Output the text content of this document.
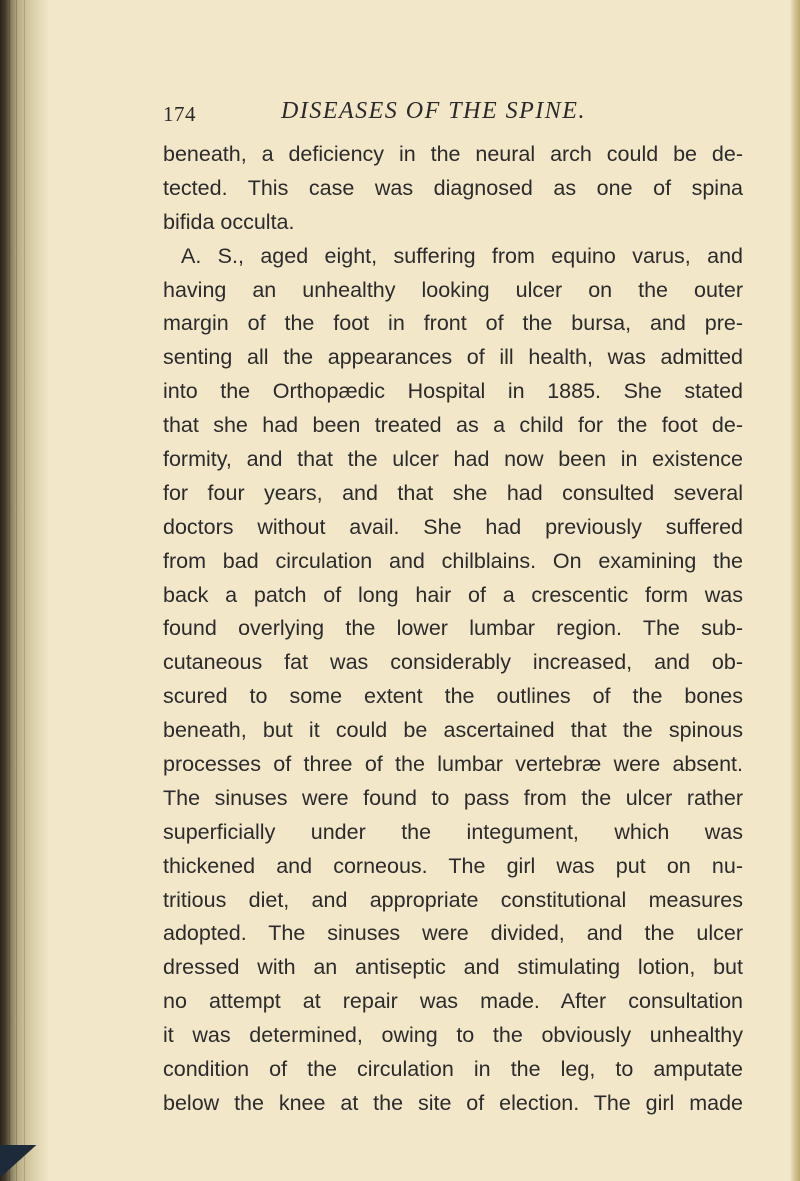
174	DISEASES OF THE SPINE.
beneath, a deficiency in the neural arch could be de-
tected. This case was diagnosed as one of spina
bifida occulta.
A. S., aged eight, suffering from equino varus, and
having an unhealthy looking ulcer on the outer
margin of the foot in front of the bursa, and pre-
senting all the appearances of ill health, was admitted
into the Orthopædic Hospital in 1885. She stated
that she had been treated as a child for the foot de-
formity, and that the ulcer had now been in existence
for four years, and that she had consulted several
doctors without avail. She had previously suffered
from bad circulation and chilblains. On examining the
back a patch of long hair of a crescentic form was
found overlying the lower lumbar region. The sub-
cutaneous fat was considerably increased, and ob-
scured to some extent the outlines of the bones
beneath, but it could be ascertained that the spinous
processes of three of the lumbar vertebræ were absent.
The sinuses were found to pass from the ulcer rather
superficially under the integument, which was
thickened and corneous. The girl was put on nu-
tritious diet, and appropriate constitutional measures
adopted. The sinuses were divided, and the ulcer
dressed with an antiseptic and stimulating lotion, but
no attempt at repair was made. After consultation
it was determined, owing to the obviously unhealthy
condition of the circulation in the leg, to amputate
below the knee at the site of election. The girl made
